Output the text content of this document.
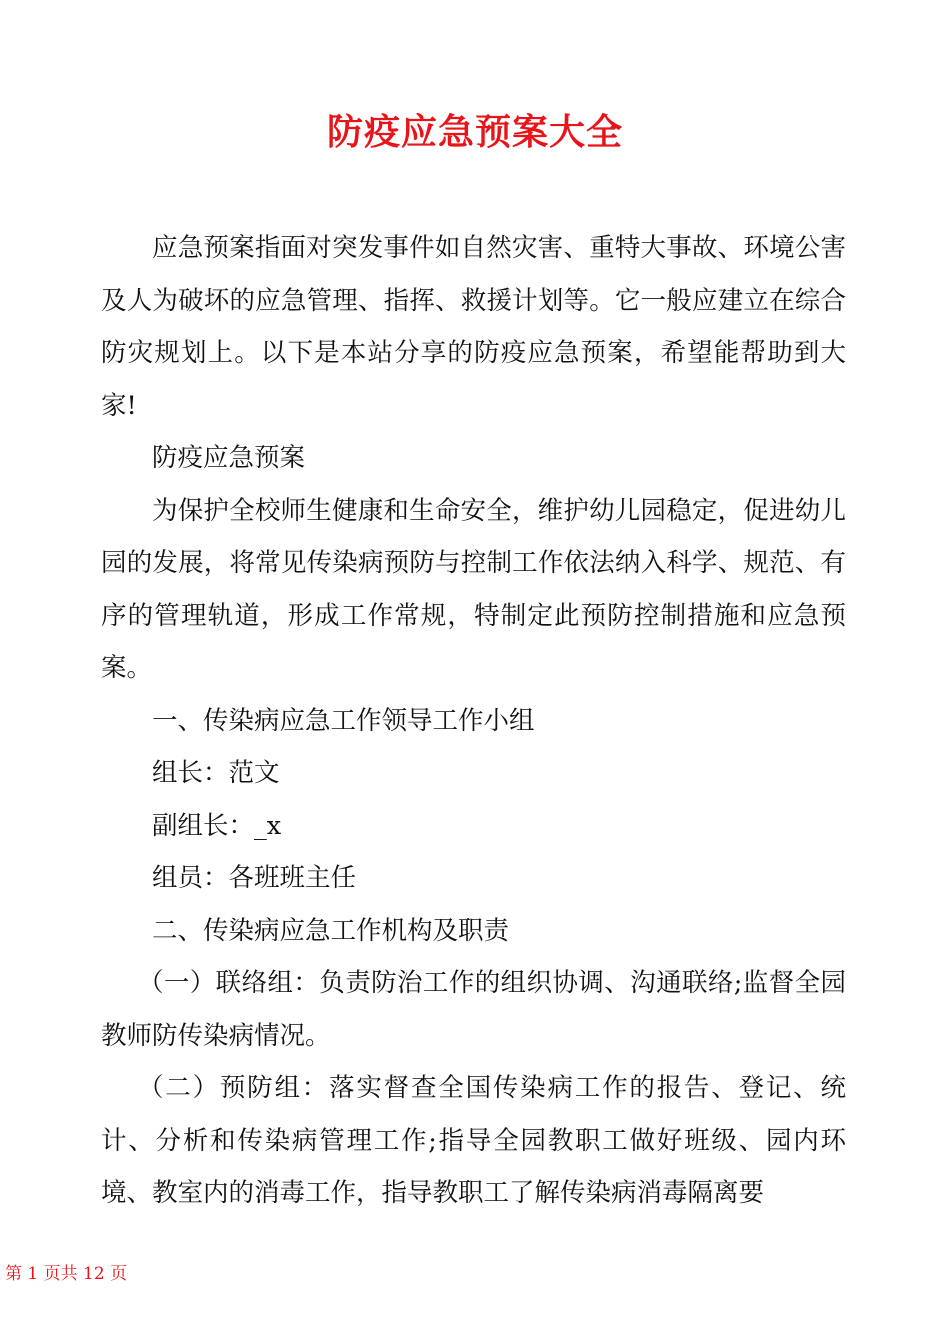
防疫应急预案大全

应急预案指面对突发事件如自然灾害、重特大事故、环境公害及人为破坏的应急管理、指挥、救援计划等。它一般应建立在综合防灾规划上。以下是本站分享的防疫应急预案，希望能帮助到大家!

防疫应急预案

为保护全校师生健康和生命安全，维护幼儿园稳定，促进幼儿园的发展，将常见传染病预防与控制工作依法纳入科学、规范、有序的管理轨道，形成工作常规，特制定此预防控制措施和应急预案。

一、传染病应急工作领导工作小组

组长：范文

副组长：_x

组员：各班班主任

二、传染病应急工作机构及职责

（一）联络组：负责防治工作的组织协调、沟通联络;监督全园教师防传染病情况。

（二）预防组：落实督查全国传染病工作的报告、登记、统计、分析和传染病管理工作;指导全园教职工做好班级、园内环境、教室内的消毒工作，指导教职工了解传染病消毒隔离要

第 1 页共 12 页
